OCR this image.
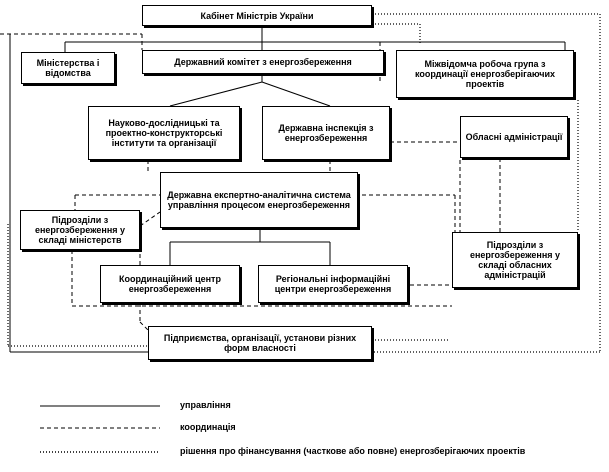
Кабінет Міністрів України
Міністерства і відомства
Державний комітет з енергозбереження	Міжвідомча робоча група з координації енергозберігаючих проектів
Науково-дослідницькі та проектно-конструкторські інститути та організації
Державна інспекція з енергозбереження	Обласні адміністрації
Державна експертно-аналітична система управління процесом енергозбереження
Підрозділи з енергозбереження у складі міністерств	Підрозділи з енергозбереження у складі обласних адміністрацій
Координаційний центр енергозбереження
Регіональні інформаційні центри енергозбереження
Підприємства, організації, установи різних форм власності
управління
координація
рішення про фінансування (часткове або повне) енергозберігаючих проектів
